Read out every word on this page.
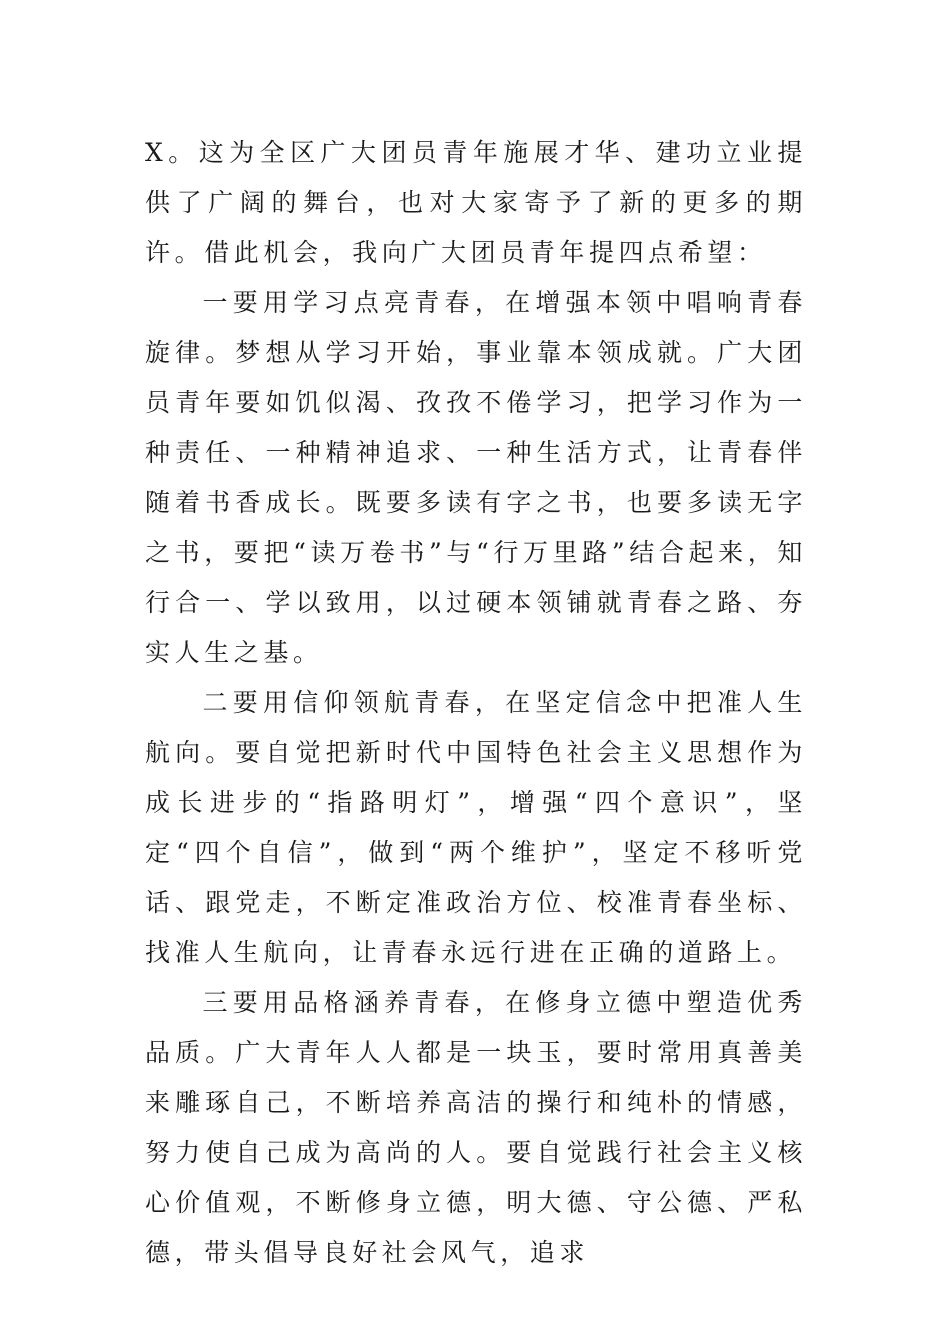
X。这为全区广大团员青年施展才华、建功立业提供了广阔的舞台，也对大家寄予了新的更多的期许。借此机会，我向广大团员青年提四点希望：

一要用学习点亮青春，在增强本领中唱响青春旋律。梦想从学习开始，事业靠本领成就。广大团员青年要如饥似渴、孜孜不倦学习，把学习作为一种责任、一种精神追求、一种生活方式，让青春伴随着书香成长。既要多读有字之书，也要多读无字之书，要把“读万卷书”与“行万里路”结合起来，知行合一、学以致用，以过硬本领铺就青春之路、夯实人生之基。

二要用信仰领航青春，在坚定信念中把准人生航向。要自觉把新时代中国特色社会主义思想作为成长进步的“指路明灯”，增强“四个意识”，坚定“四个自信”，做到“两个维护”，坚定不移听党话、跟党走，不断定准政治方位、校准青春坐标、找准人生航向，让青春永远行进在正确的道路上。

三要用品格涵养青春，在修身立德中塑造优秀品质。广大青年人人都是一块玉，要时常用真善美来雕琢自己，不断培养高洁的操行和纯朴的情感，努力使自己成为高尚的人。要自觉践行社会主义核心价值观，不断修身立德，明大德、守公德、严私德，带头倡导良好社会风气，追求
